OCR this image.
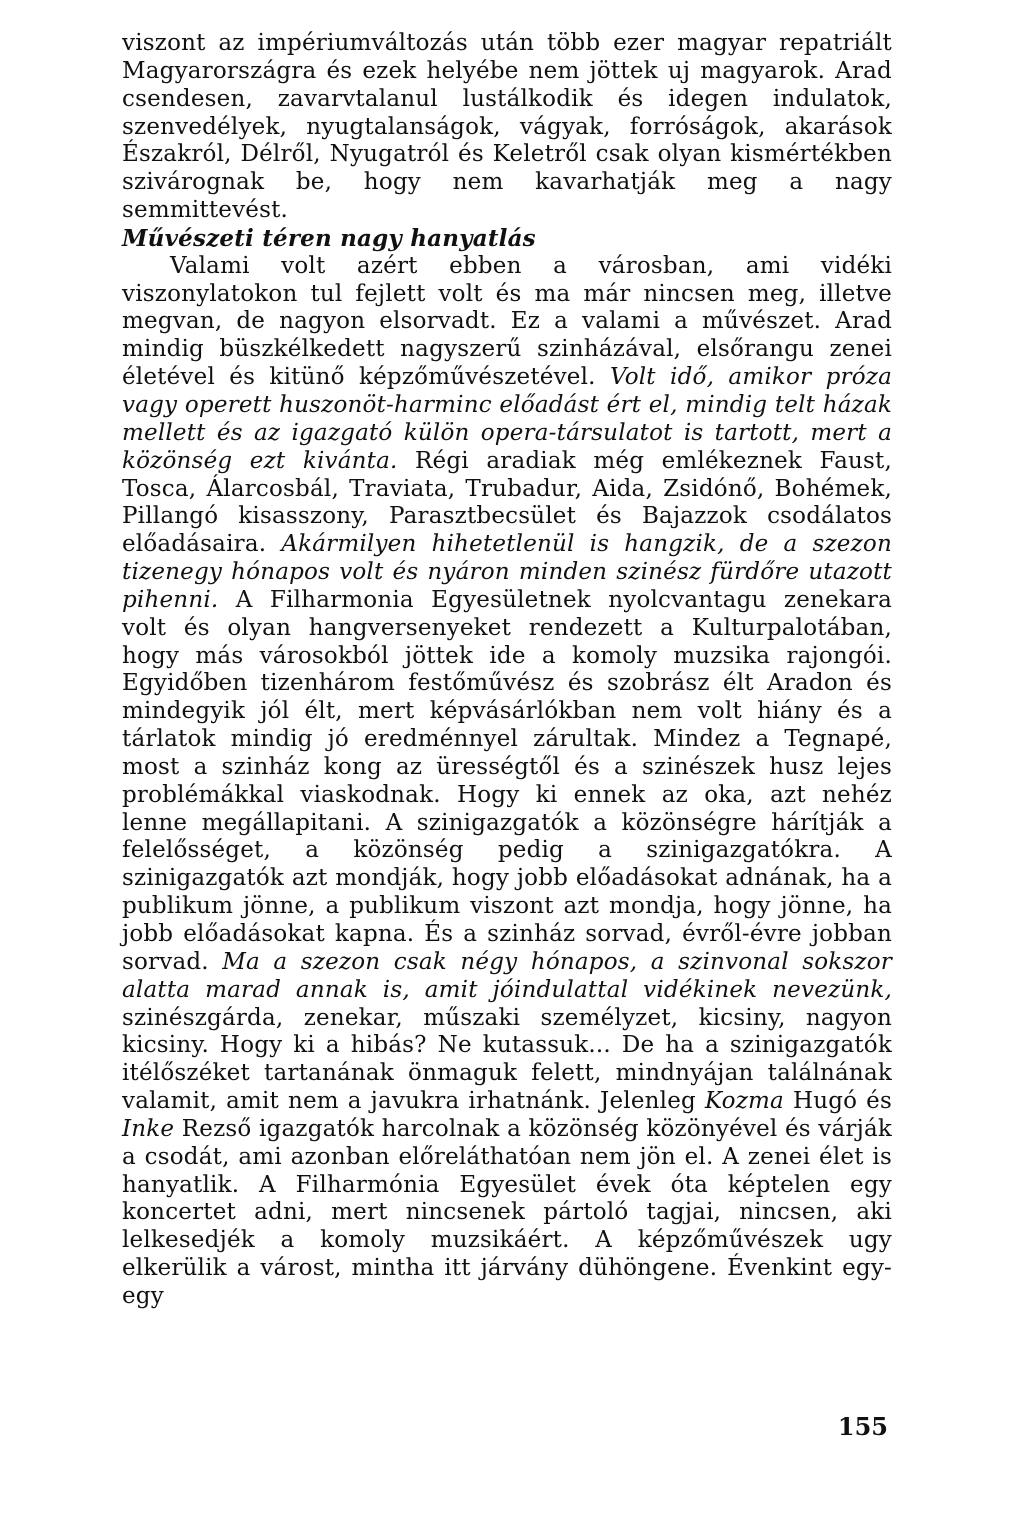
viszont az impériumváltozás után több ezer magyar repatriált Magyarországra és ezek helyébe nem jöttek uj magyarok. Arad csendesen, zavarvtalanul lustálkodik és idegen indulatok, szenvedélyek, nyugtalanságok, vágyak, forróságok, akarások Északról, Délről, Nyugatról és Keletről csak olyan kismértékben szivárognak be, hogy nem kavarhatják meg a nagy semmittevést.

Művészeti téren nagy hanyatlás

Valami volt azért ebben a városban, ami vidéki viszonylatokon tul fejlett volt és ma már nincsen meg, illetve megvan, de nagyon elsorvadt. Ez a valami a művészet. Arad mindig büszkélkedett nagyszerű szinházával, elsőrangu zenei életével és kitünő képzőművészetével. Volt idő, amikor próza vagy operett huszonöt-harminc előadást ért el, mindig telt házak mellett és az igazgató külön opera-társulatot is tartott, mert a közönség ezt kivánta. Régi aradiak még emlékeznek Faust, Tosca, Álarcosbál, Traviata, Trubadur, Aida, Zsidónő, Bohémek, Pillangó kisasszony, Parasztbecsület és Bajazzok csodálatos előadásaira. Akármilyen hihetetlenül is hangzik, de a szezon tizenegy hónapos volt és nyáron minden szinész fürdőre utazott pihenni. A Filharmonia Egyesületnek nyolcvantagu zenekara volt és olyan hangversenyeket rendezett a Kulturpalotában, hogy más városokból jöttek ide a komoly muzsika rajongói. Egyidőben tizenhárom festőművész és szobrász élt Aradon és mindegyik jól élt, mert képvásárlókban nem volt hiány és a tárlatok mindig jó eredménnyel zárultak. Mindez a Tegnapé, most a szinház kong az ürességtől és a szinészek husz lejes problémákkal viaskodnak. Hogy ki ennek az oka, azt nehéz lenne megállapitani. A szinigazgatók a közönségre hárítják a felelősséget, a közönség pedig a szinigazgatókra. A szinigazgatók azt mondják, hogy jobb előadásokat adnának, ha a publikum jönne, a publikum viszont azt mondja, hogy jönne, ha jobb előadásokat kapna. És a szinház sorvad, évről-évre jobban sorvad. Ma a szezon csak négy hónapos, a szinvonal sokszor alatta marad annak is, amit jóindulattal vidékinek nevezünk, szinészgárda, zenekar, műszaki személyzet, kicsiny, nagyon kicsiny. Hogy ki a hibás? Ne kutassuk... De ha a szinigazgatók itélőszéket tartanának önmaguk felett, mindnyájan találnának valamit, amit nem a javukra irhatnánk. Jelenleg Kozma Hugó és Inke Rezső igazgatók harcolnak a közönség közönyével és várják a csodát, ami azonban előreláthatóan nem jön el. A zenei élet is hanyatlik. A Filharmónia Egyesület évek óta képtelen egy koncertet adni, mert nincsenek pártoló tagjai, nincsen, aki lelkesedjék a komoly muzsikáért. A képzőművészek ugy elkerülik a várost, mintha itt járvány dühöngene. Évenkint egy-egy

155
